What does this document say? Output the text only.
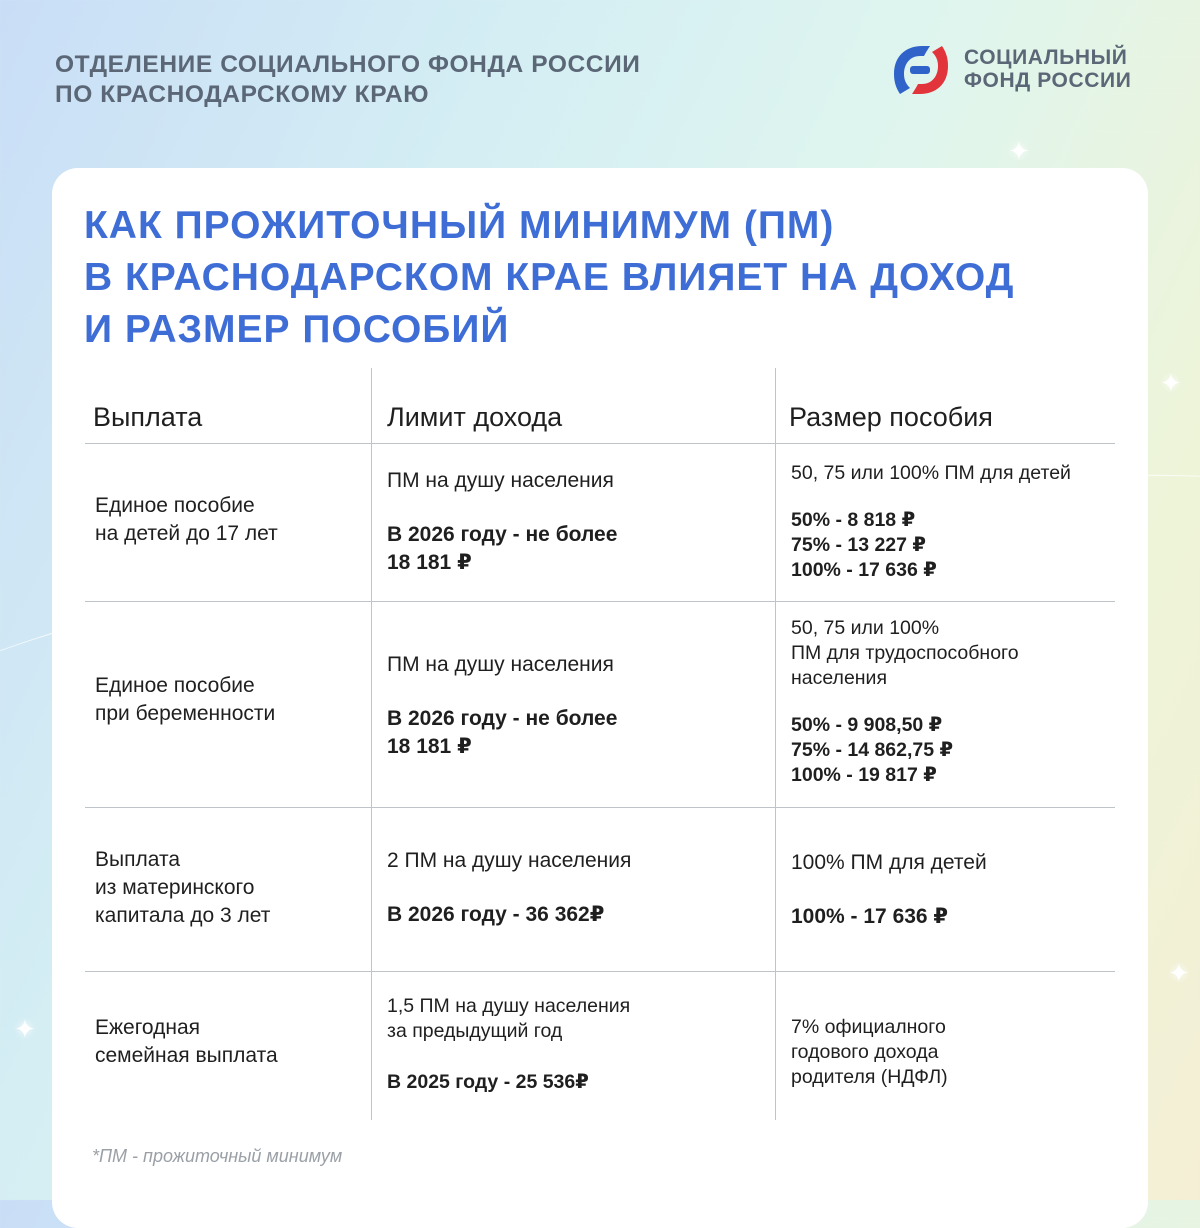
✦
✦
✦
✦
ОТДЕЛЕНИЕ СОЦИАЛЬНОГО ФОНДА РОССИИ
ПО КРАСНОДАРСКОМУ КРАЮ
СОЦИАЛЬНЫЙ
ФОНД РОССИИ
КАК ПРОЖИТОЧНЫЙ МИНИМУМ (ПМ)
В КРАСНОДАРСКОМ КРАЕ ВЛИЯЕТ НА ДОХОД
И РАЗМЕР ПОСОБИЙ
Выплата	Лимит дохода	Размер пособия
Единое пособие
на детей до 17 лет
ПМ на душу населения
В 2026 году - не более
18 181 ₽
50, 75 или 100% ПМ для детей
50% - 8 818 ₽
75% - 13 227 ₽
100% - 17 636 ₽
Единое пособие
при беременности
ПМ на душу населения
В 2026 году - не более
18 181 ₽
50, 75 или 100%
ПМ для трудоспособного
населения
50% - 9 908,50 ₽
75% - 14 862,75 ₽
100% - 19 817 ₽
Выплата
из материнского
капитала до 3 лет
2 ПМ на душу населения
В 2026 году - 36 362₽
100% ПМ для детей
100% - 17 636 ₽
Ежегодная
семейная выплата
1,5 ПМ на душу населения
за предыдущий год
В 2025 году - 25 536₽
7% официалного
годового дохода
родителя (НДФЛ)
*ПМ - прожиточный минимум
